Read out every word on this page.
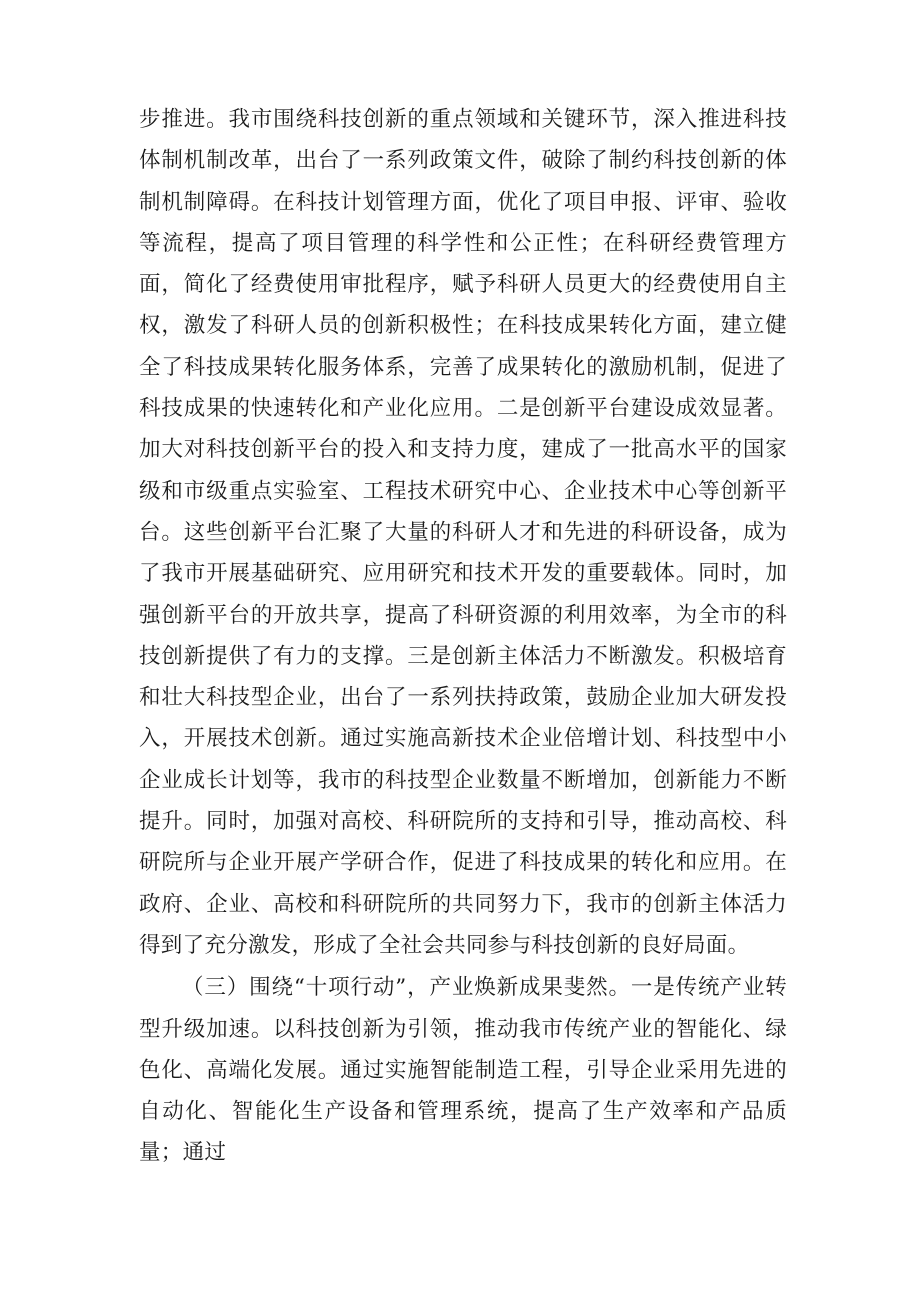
步推进。我市围绕科技创新的重点领域和关键环节，深入推进科技体制机制改革，出台了一系列政策文件，破除了制约科技创新的体制机制障碍。在科技计划管理方面，优化了项目申报、评审、验收等流程，提高了项目管理的科学性和公正性；在科研经费管理方面，简化了经费使用审批程序，赋予科研人员更大的经费使用自主权，激发了科研人员的创新积极性；在科技成果转化方面，建立健全了科技成果转化服务体系，完善了成果转化的激励机制，促进了科技成果的快速转化和产业化应用。二是创新平台建设成效显著。加大对科技创新平台的投入和支持力度，建成了一批高水平的国家级和市级重点实验室、工程技术研究中心、企业技术中心等创新平台。这些创新平台汇聚了大量的科研人才和先进的科研设备，成为了我市开展基础研究、应用研究和技术开发的重要载体。同时，加强创新平台的开放共享，提高了科研资源的利用效率，为全市的科技创新提供了有力的支撑。三是创新主体活力不断激发。积极培育和壮大科技型企业，出台了一系列扶持政策，鼓励企业加大研发投入，开展技术创新。通过实施高新技术企业倍增计划、科技型中小企业成长计划等，我市的科技型企业数量不断增加，创新能力不断提升。同时，加强对高校、科研院所的支持和引导，推动高校、科研院所与企业开展产学研合作，促进了科技成果的转化和应用。在政府、企业、高校和科研院所的共同努力下，我市的创新主体活力得到了充分激发，形成了全社会共同参与科技创新的良好局面。

（三）围绕“十项行动”，产业焕新成果斐然。一是传统产业转型升级加速。以科技创新为引领，推动我市传统产业的智能化、绿色化、高端化发展。通过实施智能制造工程，引导企业采用先进的自动化、智能化生产设备和管理系统，提高了生产效率和产品质量；通过
